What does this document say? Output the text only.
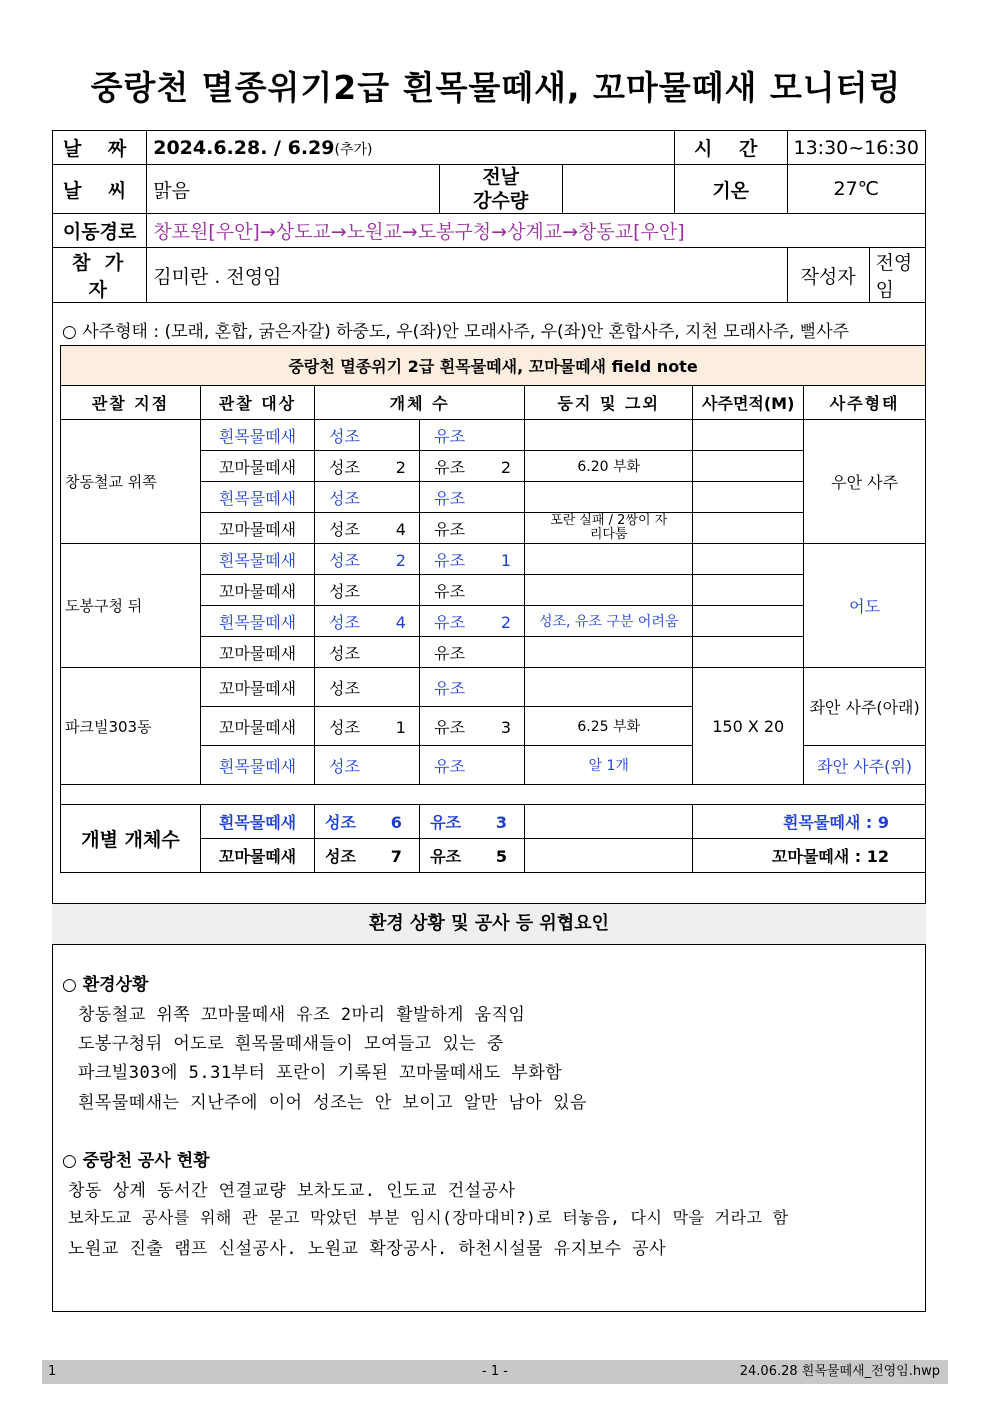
중랑천 멸종위기2급 흰목물떼새, 꼬마물떼새 모니터링
날 짜	2024.6.28. / 6.29(추가)			시 간	13:30~16:30	
날 씨	맑음	전날
강수량		기온	27℃	
이동경로	창포원[우안]→상도교→노원교→도봉구청→상계교→창동교[우안]					
참 가 자	김미란 . 전영임				작성자	전영임
○ 사주형태 : (모래, 혼합, 굵은자갈) 하중도, 우(좌)안 모래사주, 우(좌)안 혼합사주, 지천 모래사주, 뻘사주
중랑천 멸종위기 2급 흰목물떼새, 꼬마물떼새 field note						
관찰 지점	관찰 대상	개체 수		둥지 및 그외	사주면적(M)	사주형태
창동철교 위쪽	흰목물떼새	성조	유조			우안 사주
	꼬마물떼새	성조 2	유조 2	6.20 부화		
	흰목물떼새	성조	유조			
	꼬마물떼새	성조 4	유조	포란 실패 / 2쌍이 자리다툼		
도봉구청 뒤	흰목물떼새	성조 2	유조 1			어도
	꼬마물떼새	성조	유조			
	흰목물떼새	성조 4	유조 2	성조, 유조 구분 어려움		
	꼬마물떼새	성조	유조			
파크빌303동	꼬마물떼새	성조	유조		150 X 20	좌안 사주(아래)
	꼬마물떼새	성조 1	유조 3	6.25 부화		
	흰목물떼새	성조	유조	알 1개		좌안 사주(위)

개별 개체수	흰목물떼새	성조 6	유조 3		흰목물떼새 : 9	
	꼬마물떼새	성조 7	유조 5		꼬마물떼새 : 12	
환경 상황 및 공사 등 위협요인
○ 환경상황
창동철교 위쪽 꼬마물떼새 유조 2마리 활발하게 움직임
도봉구청뒤 어도로 흰목물떼새들이 모여들고 있는 중
파크빌303에 5.31부터 포란이 기록된 꼬마물떼새도 부화함
흰목물떼새는 지난주에 이어 성조는 안 보이고 알만 남아 있음
○ 중랑천 공사 현황
창동 상계 동서간 연결교량 보차도교. 인도교 건설공사
보차도교 공사를 위해 관 묻고 막았던 부분 임시(장마대비?)로 터놓음, 다시 막을 거라고 함
노원교 진출 램프 신설공사. 노원교 확장공사. 하천시설물 유지보수 공사
1	- 1 -	24.06.28 흰목물떼새_전영임.hwp
